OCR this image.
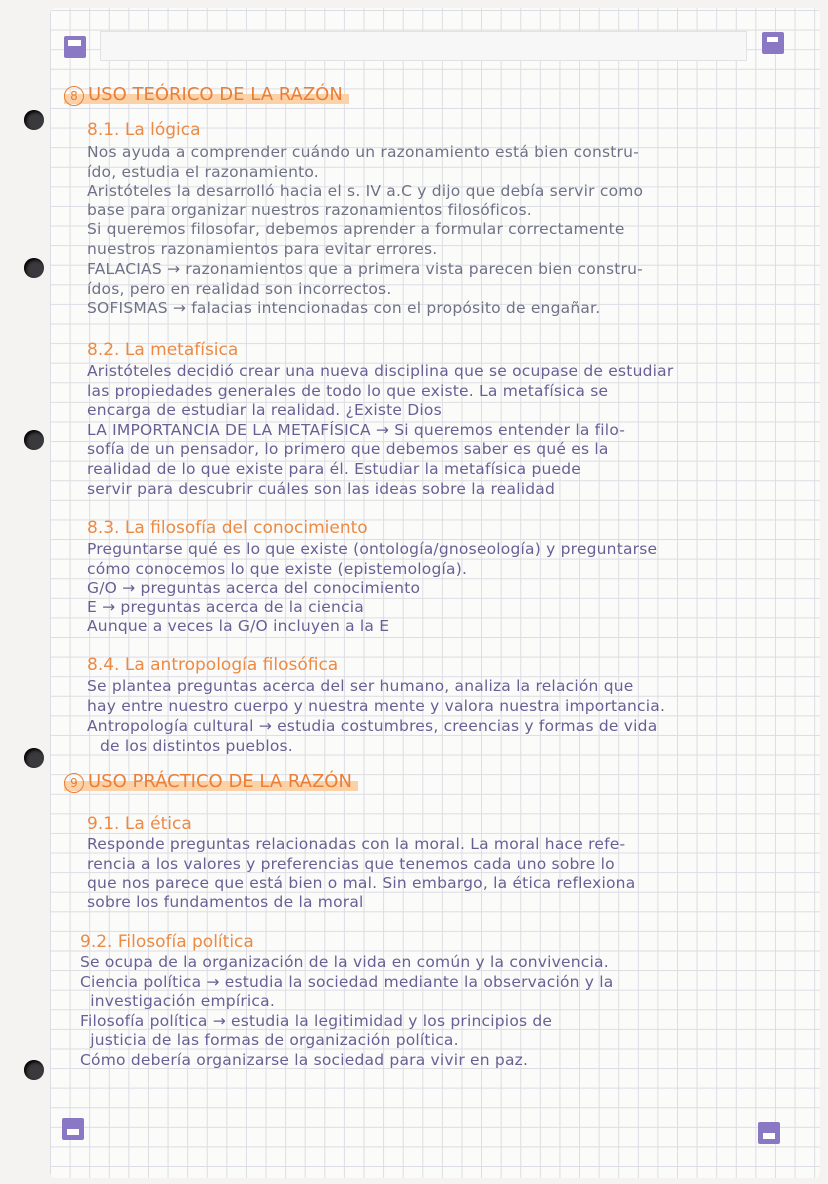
8 USO TEÓRICO DE LA RAZÓN
8.1. La lógica
Nos ayuda a comprender cuándo un razonamiento está bien constru-
ído, estudia el razonamiento.
Aristóteles la desarrolló hacia el s. IV a.C y dijo que debía servir como
base para organizar nuestros razonamientos filosóficos.
Si queremos filosofar, debemos aprender a formular correctamente
nuestros razonamientos para evitar errores.
FALACIAS → razonamientos que a primera vista parecen bien constru-
ídos, pero en realidad son incorrectos.
SOFISMAS → falacias intencionadas con el propósito de engañar.
8.2. La metafísica
Aristóteles decidió crear una nueva disciplina que se ocupase de estudiar
las propiedades generales de todo lo que existe. La metafísica se
encarga de estudiar la realidad. ¿Existe Dios
LA IMPORTANCIA DE LA METAFÍSICA → Si queremos entender la filo-
sofía de un pensador, lo primero que debemos saber es qué es la
realidad de lo que existe para él. Estudiar la metafísica puede
servir para descubrir cuáles son las ideas sobre la realidad
8.3. La filosofía del conocimiento
Preguntarse qué es lo que existe (ontología/gnoseología) y preguntarse
cómo conocemos lo que existe (epistemología).
G/O → preguntas acerca del conocimiento
E → preguntas acerca de la ciencia
Aunque a veces la G/O incluyen a la E
8.4. La antropología filosófica
Se plantea preguntas acerca del ser humano, analiza la relación que
hay entre nuestro cuerpo y nuestra mente y valora nuestra importancia.
Antropología cultural → estudia costumbres, creencias y formas de vida
de los distintos pueblos.
9 USO PRÁCTICO DE LA RAZÓN
9.1. La ética
Responde preguntas relacionadas con la moral. La moral hace refe-
rencia a los valores y preferencias que tenemos cada uno sobre lo
que nos parece que está bien o mal. Sin embargo, la ética reflexiona
sobre los fundamentos de la moral
9.2. Filosofía política
Se ocupa de la organización de la vida en común y la convivencia.
Ciencia política → estudia la sociedad mediante la observación y la
investigación empírica.
Filosofía política → estudia la legitimidad y los principios de
justicia de las formas de organización política.
Cómo debería organizarse la sociedad para vivir en paz.
